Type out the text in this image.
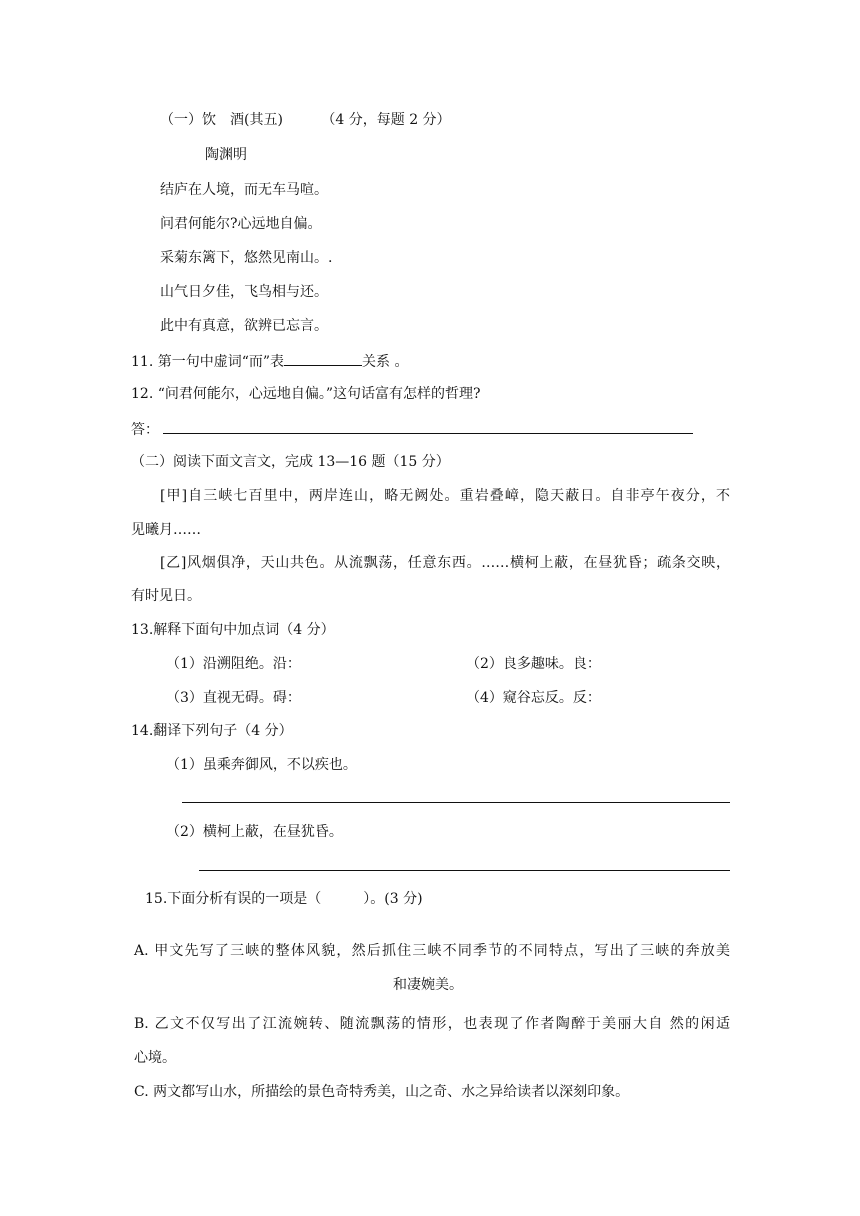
（一）饮　酒(其五)	（4 分，每题 2 分）
陶渊明
结庐在人境，而无车马喧。
问君何能尔?心远地自偏。
采菊东篱下，悠然见南山。.
山气日夕佳，飞鸟相与还。
此中有真意，欲辨已忘言。
11. 第一句中虚词“而”表	关系 。
12. “问君何能尔，心远地自偏。”这句话富有怎样的哲理?
答：
（二）阅读下面文言文，完成 13—16 题（15 分）
[甲]自三峡七百里中，两岸连山，略无阙处。重岩叠嶂，隐天蔽日。自非亭午夜分，不
见曦月……
[乙]风烟俱净，天山共色。从流飘荡，任意东西。……横柯上蔽，在昼犹昏；疏条交映，
有时见日。
13.解释下面句中加点词（4 分）
（1）沿溯阻绝。沿：	（2）良多趣味。良：
（3）直视无碍。碍：	（4）窥谷忘反。反：
14.翻译下列句子（4 分）
（1）虽乘奔御风，不以疾也。
（2）横柯上蔽，在昼犹昏。
15.下面分析有误的一项是（　　　）。(3 分)
A. 甲文先写了三峡的整体风貌，然后抓住三峡不同季节的不同特点，写出了三峡的奔放美
和凄婉美。
B. 乙文不仅写出了江流婉转、随流飘荡的情形，也表现了作者陶醉于美丽大自 然的闲适
心境。
C. 两文都写山水，所描绘的景色奇特秀美，山之奇、水之异给读者以深刻印象。
